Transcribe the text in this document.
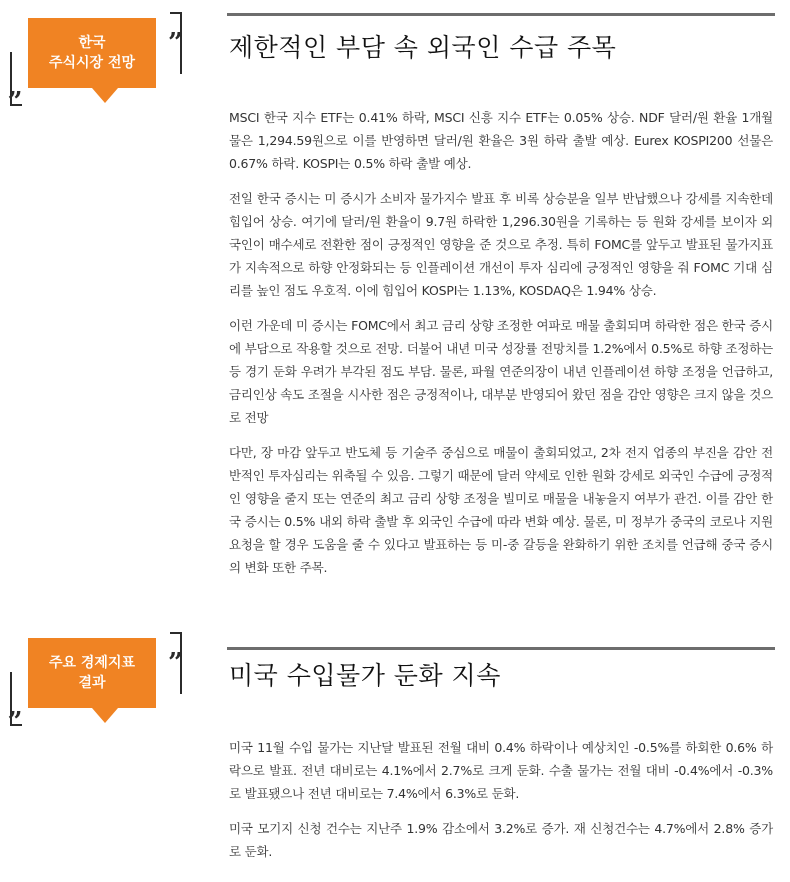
„
”
한국
주식시장 전망
제한적인 부담 속 외국인 수급 주목

MSCI 한국 지수 ETF는 0.41% 하락, MSCI 신흥 지수 ETF는 0.05% 상승. NDF 달러/원 환율 1개월물은 1,294.59원으로 이를 반영하면 달러/원 환율은 3원 하락 출발 예상. Eurex KOSPI200 선물은 0.67% 하락. KOSPI는 0.5% 하락 출발 예상.

전일 한국 증시는 미 증시가 소비자 물가지수 발표 후 비록 상승분을 일부 반납했으나 강세를 지속한데 힘입어 상승. 여기에 달러/원 환율이 9.7원 하락한 1,296.30원을 기록하는 등 원화 강세를 보이자 외국인이 매수세로 전환한 점이 긍정적인 영향을 준 것으로 추정. 특히 FOMC를 앞두고 발표된 물가지표가 지속적으로 하향 안정화되는 등 인플레이션 개선이 투자 심리에 긍정적인 영향을 줘 FOMC 기대 심리를 높인 점도 우호적. 이에 힘입어 KOSPI는 1.13%, KOSDAQ은 1.94% 상승.

이런 가운데 미 증시는 FOMC에서 최고 금리 상향 조정한 여파로 매물 출회되며 하락한 점은 한국 증시에 부담으로 작용할 것으로 전망. 더불어 내년 미국 성장률 전망치를 1.2%에서 0.5%로 하향 조정하는 등 경기 둔화 우려가 부각된 점도 부담. 물론, 파월 연준의장이 내년 인플레이션 하향 조정을 언급하고, 금리인상 속도 조절을 시사한 점은 긍정적이나, 대부분 반영되어 왔던 점을 감안 영향은 크지 않을 것으로 전망

다만, 장 마감 앞두고 반도체 등 기술주 중심으로 매물이 출회되었고, 2차 전지 업종의 부진을 감안 전반적인 투자심리는 위축될 수 있음. 그렇기 때문에 달러 약세로 인한 원화 강세로 외국인 수급에 긍정적인 영향을 줄지 또는 연준의 최고 금리 상향 조정을 빌미로 매물을 내놓을지 여부가 관건. 이를 감안 한국 증시는 0.5% 내외 하락 출발 후 외국인 수급에 따라 변화 예상. 물론, 미 정부가 중국의 코로나 지원 요청을 할 경우 도움을 줄 수 있다고 발표하는 등 미-중 갈등을 완화하기 위한 조치를 언급해 중국 증시의 변화 또한 주목.

„
”
주요 경제지표
결과	미국 수입물가 둔화 지속

미국 11월 수입 물가는 지난달 발표된 전월 대비 0.4% 하락이나 예상치인 -0.5%를 하회한 0.6% 하락으로 발표. 전년 대비로는 4.1%에서 2.7%로 크게 둔화. 수출 물가는 전월 대비 -0.4%에서 -0.3%로 발표됐으나 전년 대비로는 7.4%에서 6.3%로 둔화.

미국 모기지 신청 건수는 지난주 1.9% 감소에서 3.2%로 증가. 재 신청건수는 4.7%에서 2.8% 증가로 둔화.
